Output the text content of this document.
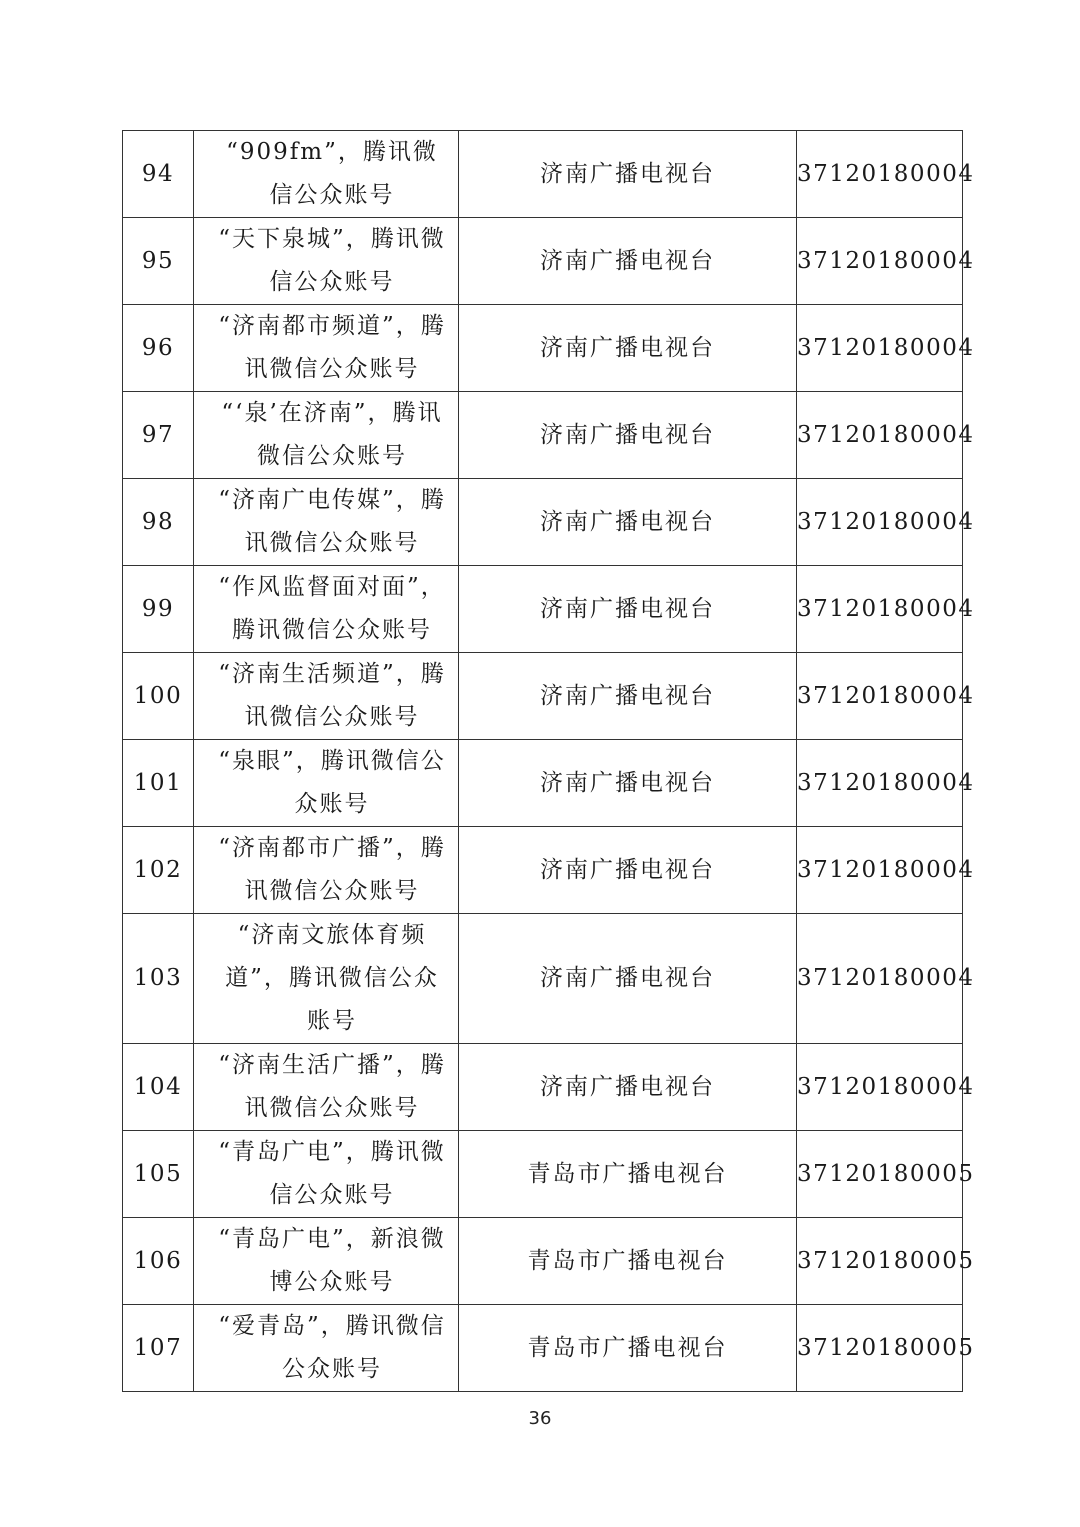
94	“909fm”，腾讯微信公众账号	济南广播电视台	37120180004
95	“天下泉城”，腾讯微信公众账号	济南广播电视台	37120180004
96	“济南都市频道”，腾讯微信公众账号	济南广播电视台	37120180004
97	“‘泉’在济南”，腾讯微信公众账号	济南广播电视台	37120180004
98	“济南广电传媒”，腾讯微信公众账号	济南广播电视台	37120180004
99	“作风监督面对面”，腾讯微信公众账号	济南广播电视台	37120180004
100	“济南生活频道”，腾讯微信公众账号	济南广播电视台	37120180004
101	“泉眼”，腾讯微信公众账号	济南广播电视台	37120180004
102	“济南都市广播”，腾讯微信公众账号	济南广播电视台	37120180004
103	“济南文旅体育频道”，腾讯微信公众账号	济南广播电视台	37120180004
104	“济南生活广播”，腾讯微信公众账号	济南广播电视台	37120180004
105	“青岛广电”，腾讯微信公众账号	青岛市广播电视台	37120180005
106	“青岛广电”，新浪微博公众账号	青岛市广播电视台	37120180005
107	“爱青岛”，腾讯微信公众账号	青岛市广播电视台	37120180005
36
